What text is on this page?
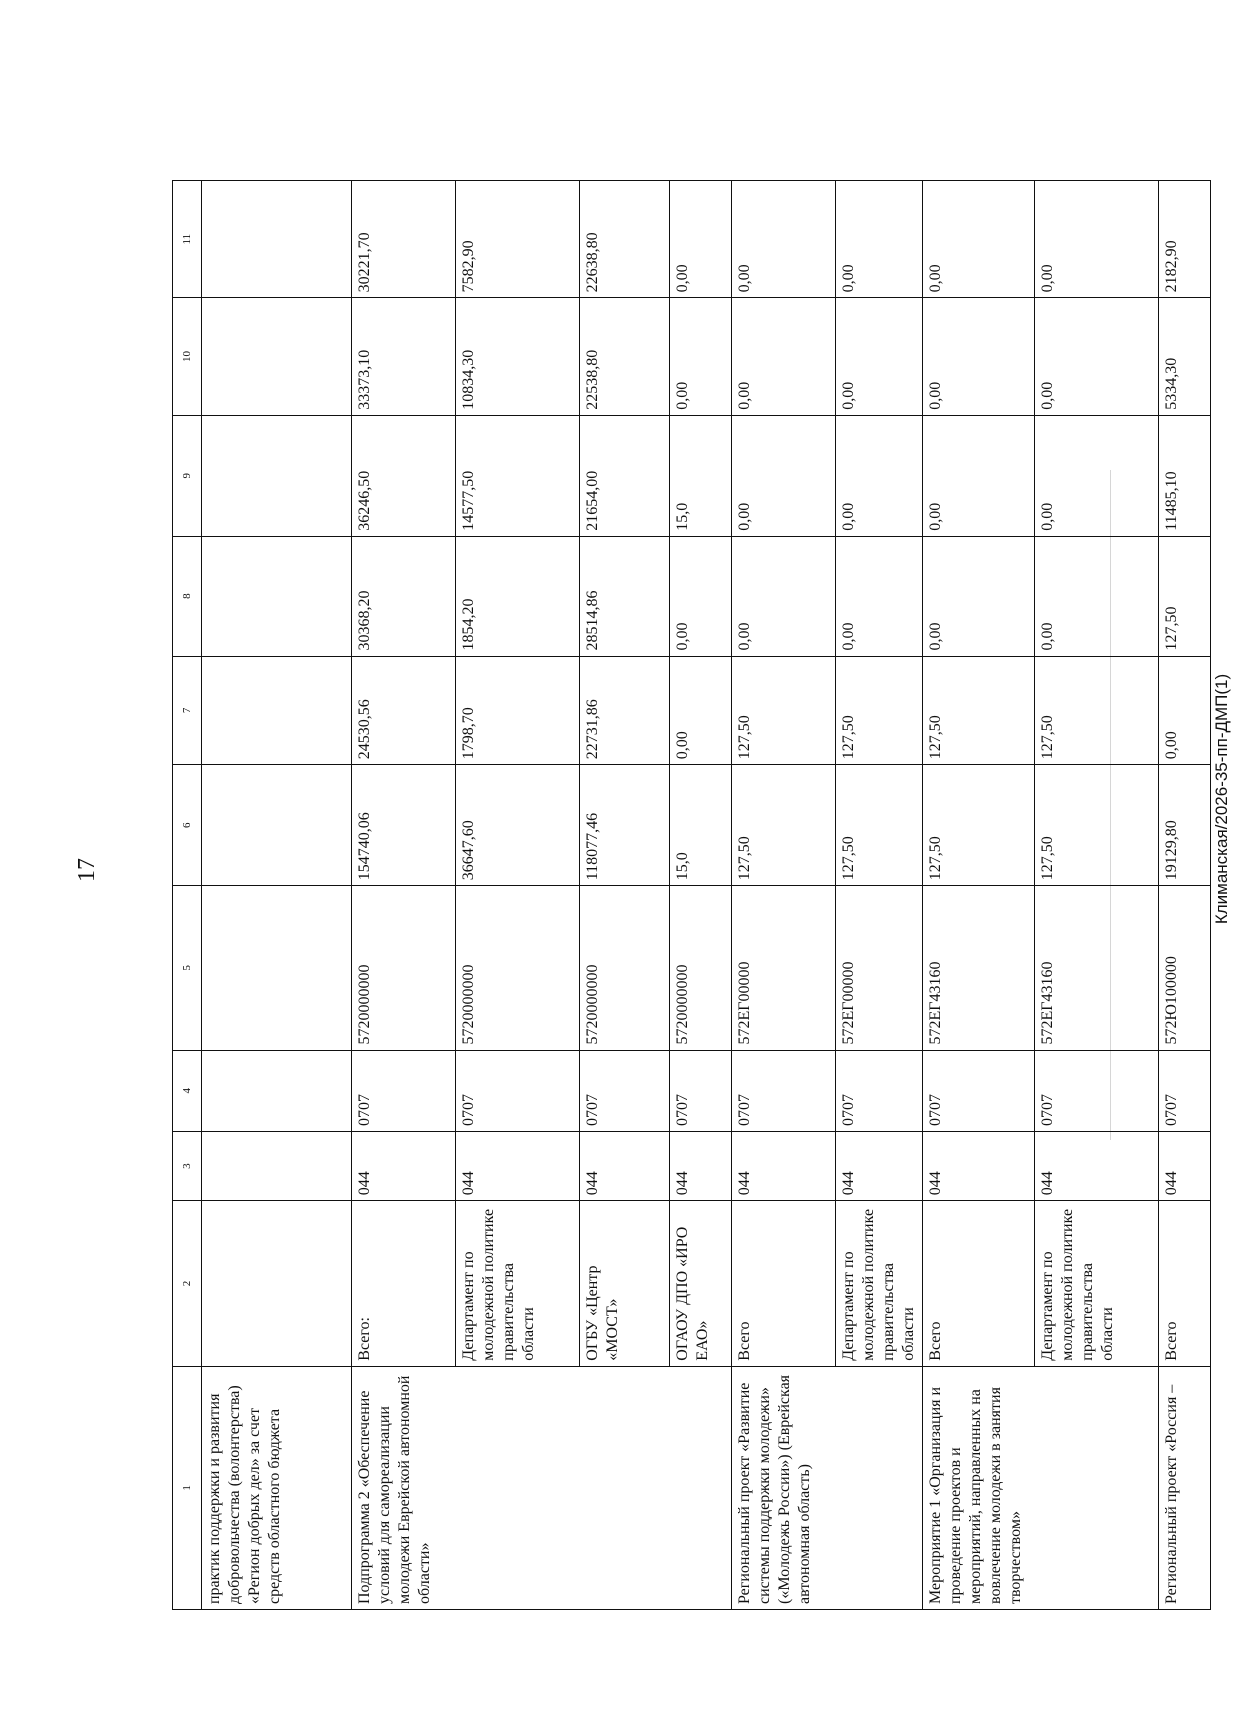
17	Климанская/2026-35-пп-ДМП(1)
1	2	3	4	5	6	7	8	9	10	11
практик поддержки и развития добровольчества (волонтерства) «Регион добрых дел» за счет средств областного бюджета										
Подпрограмма 2 «Обеспечение условий для самореализации молодежи Еврейской автономной области»	Всего:	044	0707	5720000000	154740,06	24530,56	30368,20	36246,50	33373,10	30221,70
	Департамент по молодежной политике правительства области	044	0707	5720000000	36647,60	1798,70	1854,20	14577,50	10834,30	7582,90
	ОГБУ «Центр «МОСТ»	044	0707	5720000000	118077,46	22731,86	28514,86	21654,00	22538,80	22638,80
	ОГАОУ ДПО «ИРО ЕАО»	044	0707	5720000000	15,0	0,00	0,00	15,0	0,00	0,00
Региональный проект «Развитие системы поддержки молодежи» («Молодежь России») (Еврейская автономная область)	Всего	044	0707	572ЕГ00000	127,50	127,50	0,00	0,00	0,00	0,00
	Департамент по молодежной политике правительства области	044	0707	572ЕГ00000	127,50	127,50	0,00	0,00	0,00	0,00
Мероприятие 1 «Организация и проведение проектов и мероприятий, направленных на вовлечение молодежи в занятия творчеством»	Всего	044	0707	572ЕГ43160	127,50	127,50	0,00	0,00	0,00	0,00
	Департамент по молодежной политике правительства области	044	0707	572ЕГ43160	127,50	127,50	0,00	0,00	0,00	0,00
Региональный проект «Россия –	Всего	044	0707	572Ю100000	19129,80	0,00	127,50	11485,10	5334,30	2182,90
